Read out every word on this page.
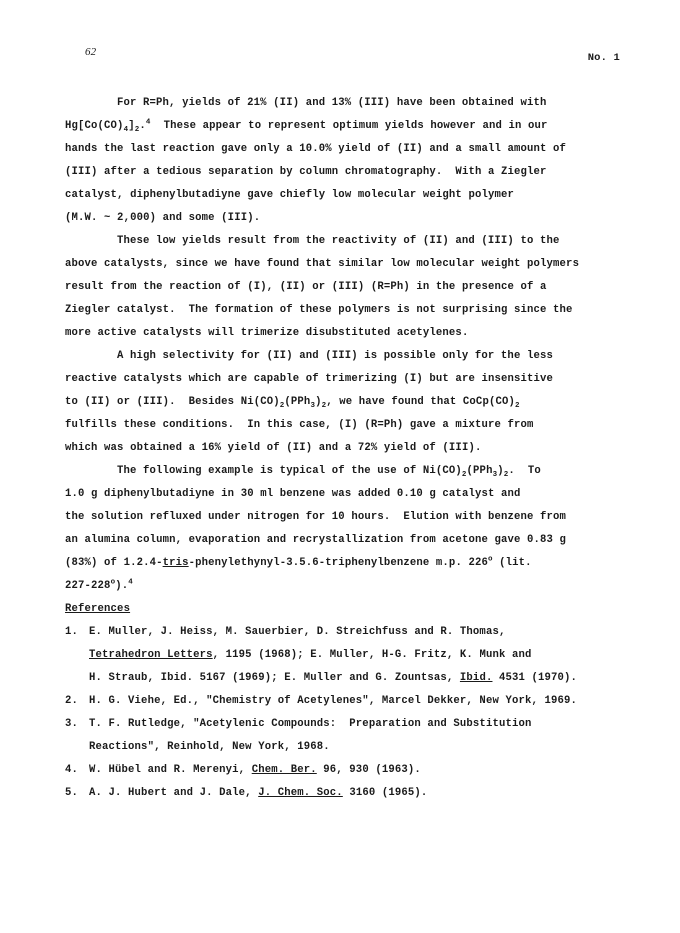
62	No. 1
For R=Ph, yields of 21% (II) and 13% (III) have been obtained with
$Hg[Co(CO)_4]_2.^4$  These appear to represent optimum yields however and in our
hands the last reaction gave only a 10.0% yield of (II) and a small amount of
(III) after a tedious separation by column chromatography.  With a Ziegler
catalyst, diphenylbutadiyne gave chiefly low molecular weight polymer
(M.W. ~ 2,000) and some (III).
These low yields result from the reactivity of (II) and (III) to the
above catalysts, since we have found that similar low molecular weight polymers
result from the reaction of (I), (II) or (III) (R=Ph) in the presence of a
Ziegler catalyst.  The formation of these polymers is not surprising since the
more active catalysts will trimerize disubstituted acetylenes.
A high selectivity for (II) and (III) is possible only for the less
reactive catalysts which are capable of trimerizing (I) but are insensitive
to (II) or (III).  Besides $Ni(CO)_2(PPh_3)_2$, we have found that $CoCp(CO)_2$
fulfills these conditions.  In this case, (I) (R=Ph) gave a mixture from
which was obtained a 16% yield of (II) and a 72% yield of (III).
The following example is typical of the use of $Ni(CO)_2(PPh_3)_2$.  To
1.0 g diphenylbutadiyne in 30 ml benzene was added 0.10 g catalyst and
the solution refluxed under nitrogen for 10 hours.  Elution with benzene from
an alumina column, evaporation and recrystallization from acetone gave 0.83 g
(83%) of 1.2.4-tris-phenylethynyl-3.5.6-triphenylbenzene m.p. 226$^o$ (lit.
227-228$^o$).$^4$
References
1. E. Muller, J. Heiss, M. Sauerbier, D. Streichfuss and R. Thomas,
Tetrahedron Letters, 1195 (1968); E. Muller, H-G. Fritz, K. Munk and
H. Straub, Ibid. 5167 (1969); E. Muller and G. Zountsas, Ibid. 4531 (1970).
2. H. G. Viehe, Ed., "Chemistry of Acetylenes", Marcel Dekker, New York, 1969.
3. T. F. Rutledge, "Acetylenic Compounds:  Preparation and Substitution
Reactions", Reinhold, New York, 1968.
4. W. Hübel and R. Merenyi, Chem. Ber. 96, 930 (1963).
5. A. J. Hubert and J. Dale, J. Chem. Soc. 3160 (1965).
